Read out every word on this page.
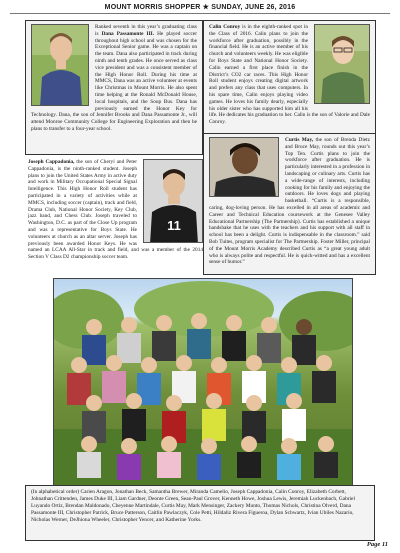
MOUNT MORRIS SHOPPER ★ SUNDAY, JUNE 26, 2016
Ranked seventh in this year’s graduating class is Dana Passamonte III. He played soccer throughout high school and was chosen for the Exceptional Senior game. He was a captain on the team. Dana also participated in track during ninth and tenth grades. He once served as class vice president and was a consistent member of the High Honor Roll. During his time at MMCS, Dana was an active volunteer at events like Christmas in Mount Morris. He also spent time helping at the Ronald McDonald House, local hospitals, and the Soup Bus. Dana has previously earned the Honor Key for Technology. Dana, the son of Jennifer Brooks and Dana Passamonte Jr., will attend Monroe Community College for Engineering Exploration and then he plans to transfer to a four-year school.
Calin Conroy is in the eighth-ranked spot in the Class of 2016. Calin plans to join the workforce after graduation, possibly in the financial field. He is an active member of his church and volunteers weekly. He was eligible for Boys State and National Honor Society. Calin earned a first place finish in the District’s CO2 car races. This High Honor Roll student enjoys creating digital artwork and prefers any class that uses computers. In his spare time, Calin enjoys playing video games. He loves his family dearly, especially his older sister who has supported him all his life. He dedicates his graduation to her. Calin is the son of Valorie and Dale Conroy.
11
Joseph Cappadonia, the son of Cheryl and Peter Cappadonia, is the ninth-ranked student. Joseph plans to join the United States Army in active duty and work in Military Occupational Special Signal Intelligence. This High Honor Roll student has participated in a variety of activities while at MMCS, including soccer (captain), track and field, Drama Club, National Honor Society, Key Club, jazz band, and Chess Club. Joseph traveled to Washington, D.C. as part of the Close Up program and was a representative for Boys State. He volunteers at church as an altar server. Joseph has previously been awarded Honor Keys. He was named an LCAA All-Star in track and field, and was a member of the 2014 Section V Class D2 championship soccer team.
Curtis May, the son of Brenda Dietz and Bruce May, rounds out this year’s Top Ten. Curtis plans to join the workforce after graduation. He is particularly interested in a profession in landscaping or culinary arts. Curtis has a wide-range of interests, including cooking for his family and enjoying the outdoors. He loves dogs and playing basketball. “Curtis is a responsible, caring, dog-loving person. He has excelled in all areas of academic and Career and Technical Education coursework at the Genesee Valley Educational Partnership (The Partnership). Curtis has established a unique handshake that he uses with the teachers and his support with all staff in school has been a delight. Curtis is indispensable in the classroom.” said Bob Tuites, program specialist for The Partnership. Foster Miller, principal of the Mount Morris Academy described Curtis as “a great young adult who is always polite and respectful. He is quick-witted and has a excellent sense of humor.”
(In alphabetical order) Carien Aragon, Jonathan Beck, Samantha Brewer, Miranda Camelio, Joseph Cappadonia, Calin Conroy, Elizabeth Corbett, Johnathan Crittenden, James Duke III, Liam Gardner, Deonte Green, Sean-Paul Grover, Kenneth Howe, Joshua Lewis, Jeremiah Luckenbach, Gabriel Luyando Ortiz, Brendan Maldonado, Cheyenne Martindale, Curtis May, Mark Mensinger, Zackery Munto, Thomas Nichols, Christina Olverd, Dana Passamonte III, Christopher Patrick, Bruce Patterson, Caitlin Pawlaczyk, Cole Petti, Hildaliz Rivera Figueroa, Dylan Schwartz, Ivian Ubiles Nazario, Nicholas Werner, DeJhiona Wheeler, Christopher Yencer, and Katherine Yorks.
Page 11
